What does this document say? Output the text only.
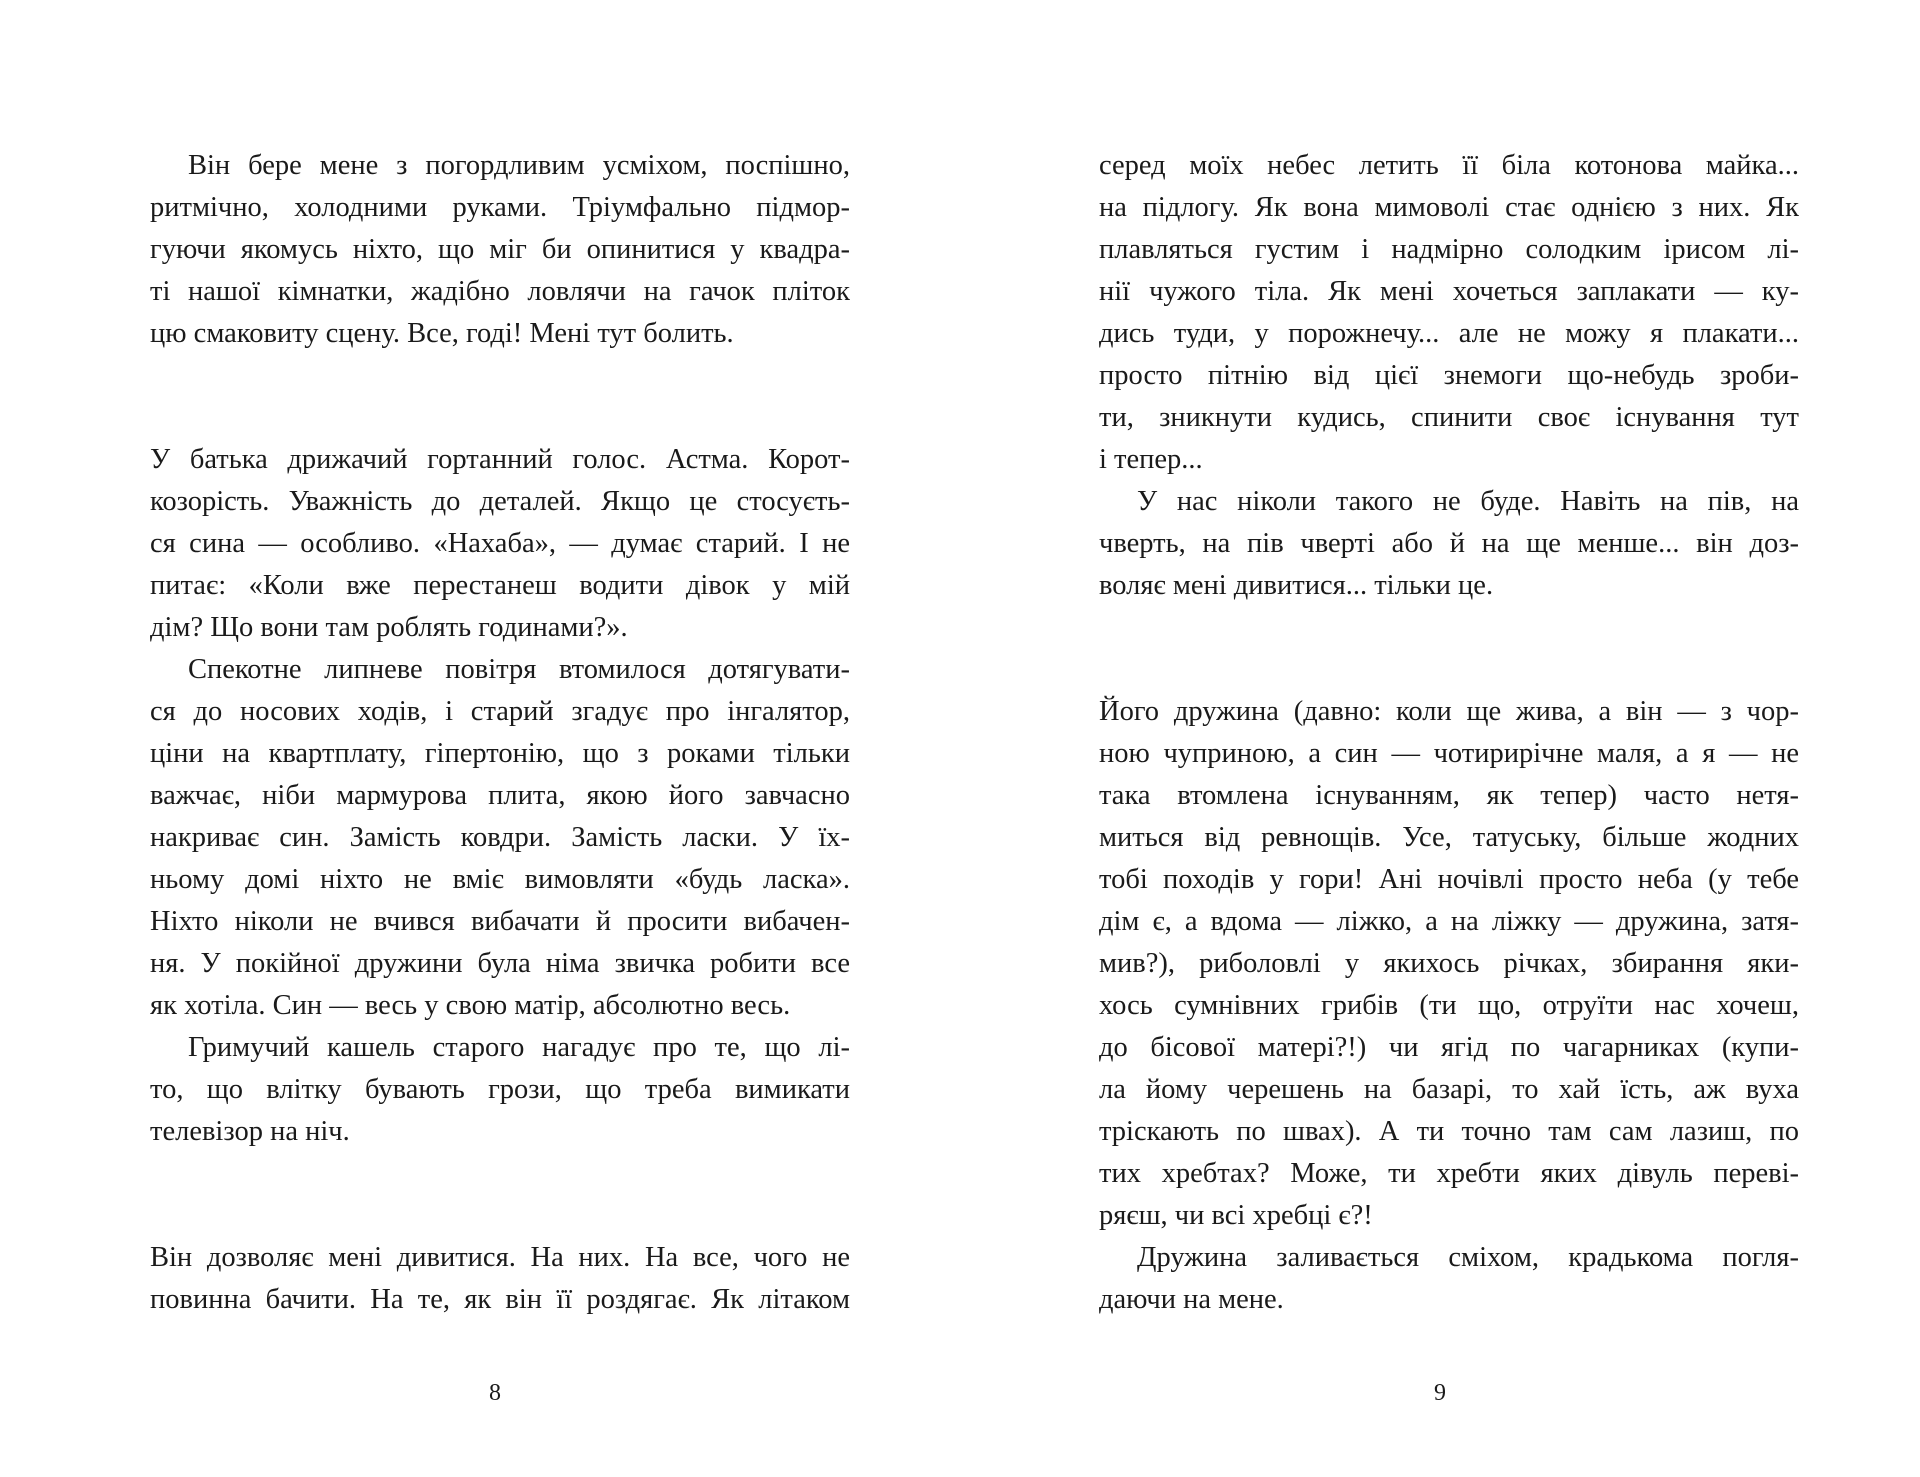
Він бере мене з погордливим усміхом, поспішно,
ритмічно, холодними руками. Тріумфально підмор-
гуючи якомусь ніхто, що міг би опинитися у квадра-
ті нашої кімнатки, жадібно ловлячи на гачок пліток
цю смаковиту сцену. Все, годі! Мені тут болить.
У батька дрижачий гортанний голос. Астма. Корот-
козорість. Уважність до деталей. Якщо це стосуєть-
ся сина — особливо. «Нахаба», — думає старий. І не
питає: «Коли вже перестанеш водити дівок у мій
дім? Що вони там роблять годинами?».
Спекотне липневе повітря втомилося дотягувати-
ся до носових ходів, і старий згадує про інгалятор,
ціни на квартплату, гіпертонію, що з роками тільки
важчає, ніби мармурова плита, якою його завчасно
накриває син. Замість ковдри. Замість ласки. У їх-
ньому домі ніхто не вміє вимовляти «будь ласка».
Ніхто ніколи не вчився вибачати й просити вибачен-
ня. У покійної дружини була німа звичка робити все
як хотіла. Син — весь у свою матір, абсолютно весь.
Гримучий кашель старого нагадує про те, що лі-
то, що влітку бувають грози, що треба вимикати
телевізор на ніч.
Він дозволяє мені дивитися. На них. На все, чого не
повинна бачити. На те, як він її роздягає. Як літаком
8
серед моїх небес летить її біла котонова майка...
на підлогу. Як вона мимоволі стає однією з них. Як
плавляться густим і надмірно солодким ірисом лі-
нії чужого тіла. Як мені хочеться заплакати — ку-
дись туди, у порожнечу... але не можу я плакати...
просто пітнію від цієї знемоги що-небудь зроби-
ти, зникнути кудись, спинити своє існування тут
і тепер...
У нас ніколи такого не буде. Навіть на пів, на
чверть, на пів чверті або й на ще менше... він доз-
воляє мені дивитися... тільки це.
Його дружина (давно: коли ще жива, а він — з чор-
ною чуприною, а син — чотирирічне маля, а я — не
така втомлена існуванням, як тепер) часто нетя-
миться від ревнощів. Усе, татуську, більше жодних
тобі походів у гори! Ані ночівлі просто неба (у тебе
дім є, а вдома — ліжко, а на ліжку — дружина, затя-
мив?), риболовлі у якихось річках, збирання яки-
хось сумнівних грибів (ти що, отруїти нас хочеш,
до бісової матері?!) чи ягід по чагарниках (купи-
ла йому черешень на базарі, то хай їсть, аж вуха
тріскають по швах). А ти точно там сам лазиш, по
тих хребтах? Може, ти хребти яких дівуль переві-
ряєш, чи всі хребці є?!
Дружина заливається сміхом, крадькома погля-
даючи на мене.
9
